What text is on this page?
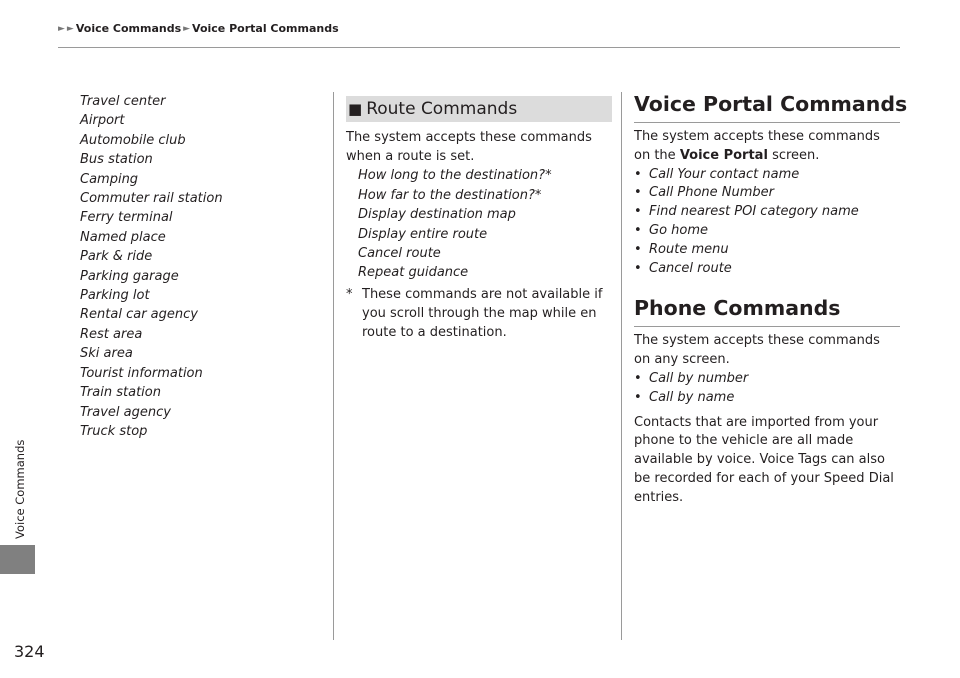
► ► Voice Commands ► Voice Portal Commands
Voice Commands
324
Travel center
Airport
Automobile club
Bus station
Camping
Commuter rail station
Ferry terminal
Named place
Park & ride
Parking garage
Parking lot
Rental car agency
Rest area
Ski area
Tourist information
Train station
Travel agency
Truck stop
■ Route Commands
The system accepts these commands when a route is set.
How long to the destination?*
How far to the destination?*
Display destination map
Display entire route
Cancel route
Repeat guidance
* These commands are not available if you scroll through the map while en route to a destination.
Voice Portal Commands
The system accepts these commands on the Voice Portal screen.
• Call Your contact name
• Call Phone Number
• Find nearest POI category name
• Go home
• Route menu
• Cancel route
Phone Commands
The system accepts these commands on any screen.
• Call by number
• Call by name
Contacts that are imported from your phone to the vehicle are all made available by voice. Voice Tags can also be recorded for each of your Speed Dial entries.
